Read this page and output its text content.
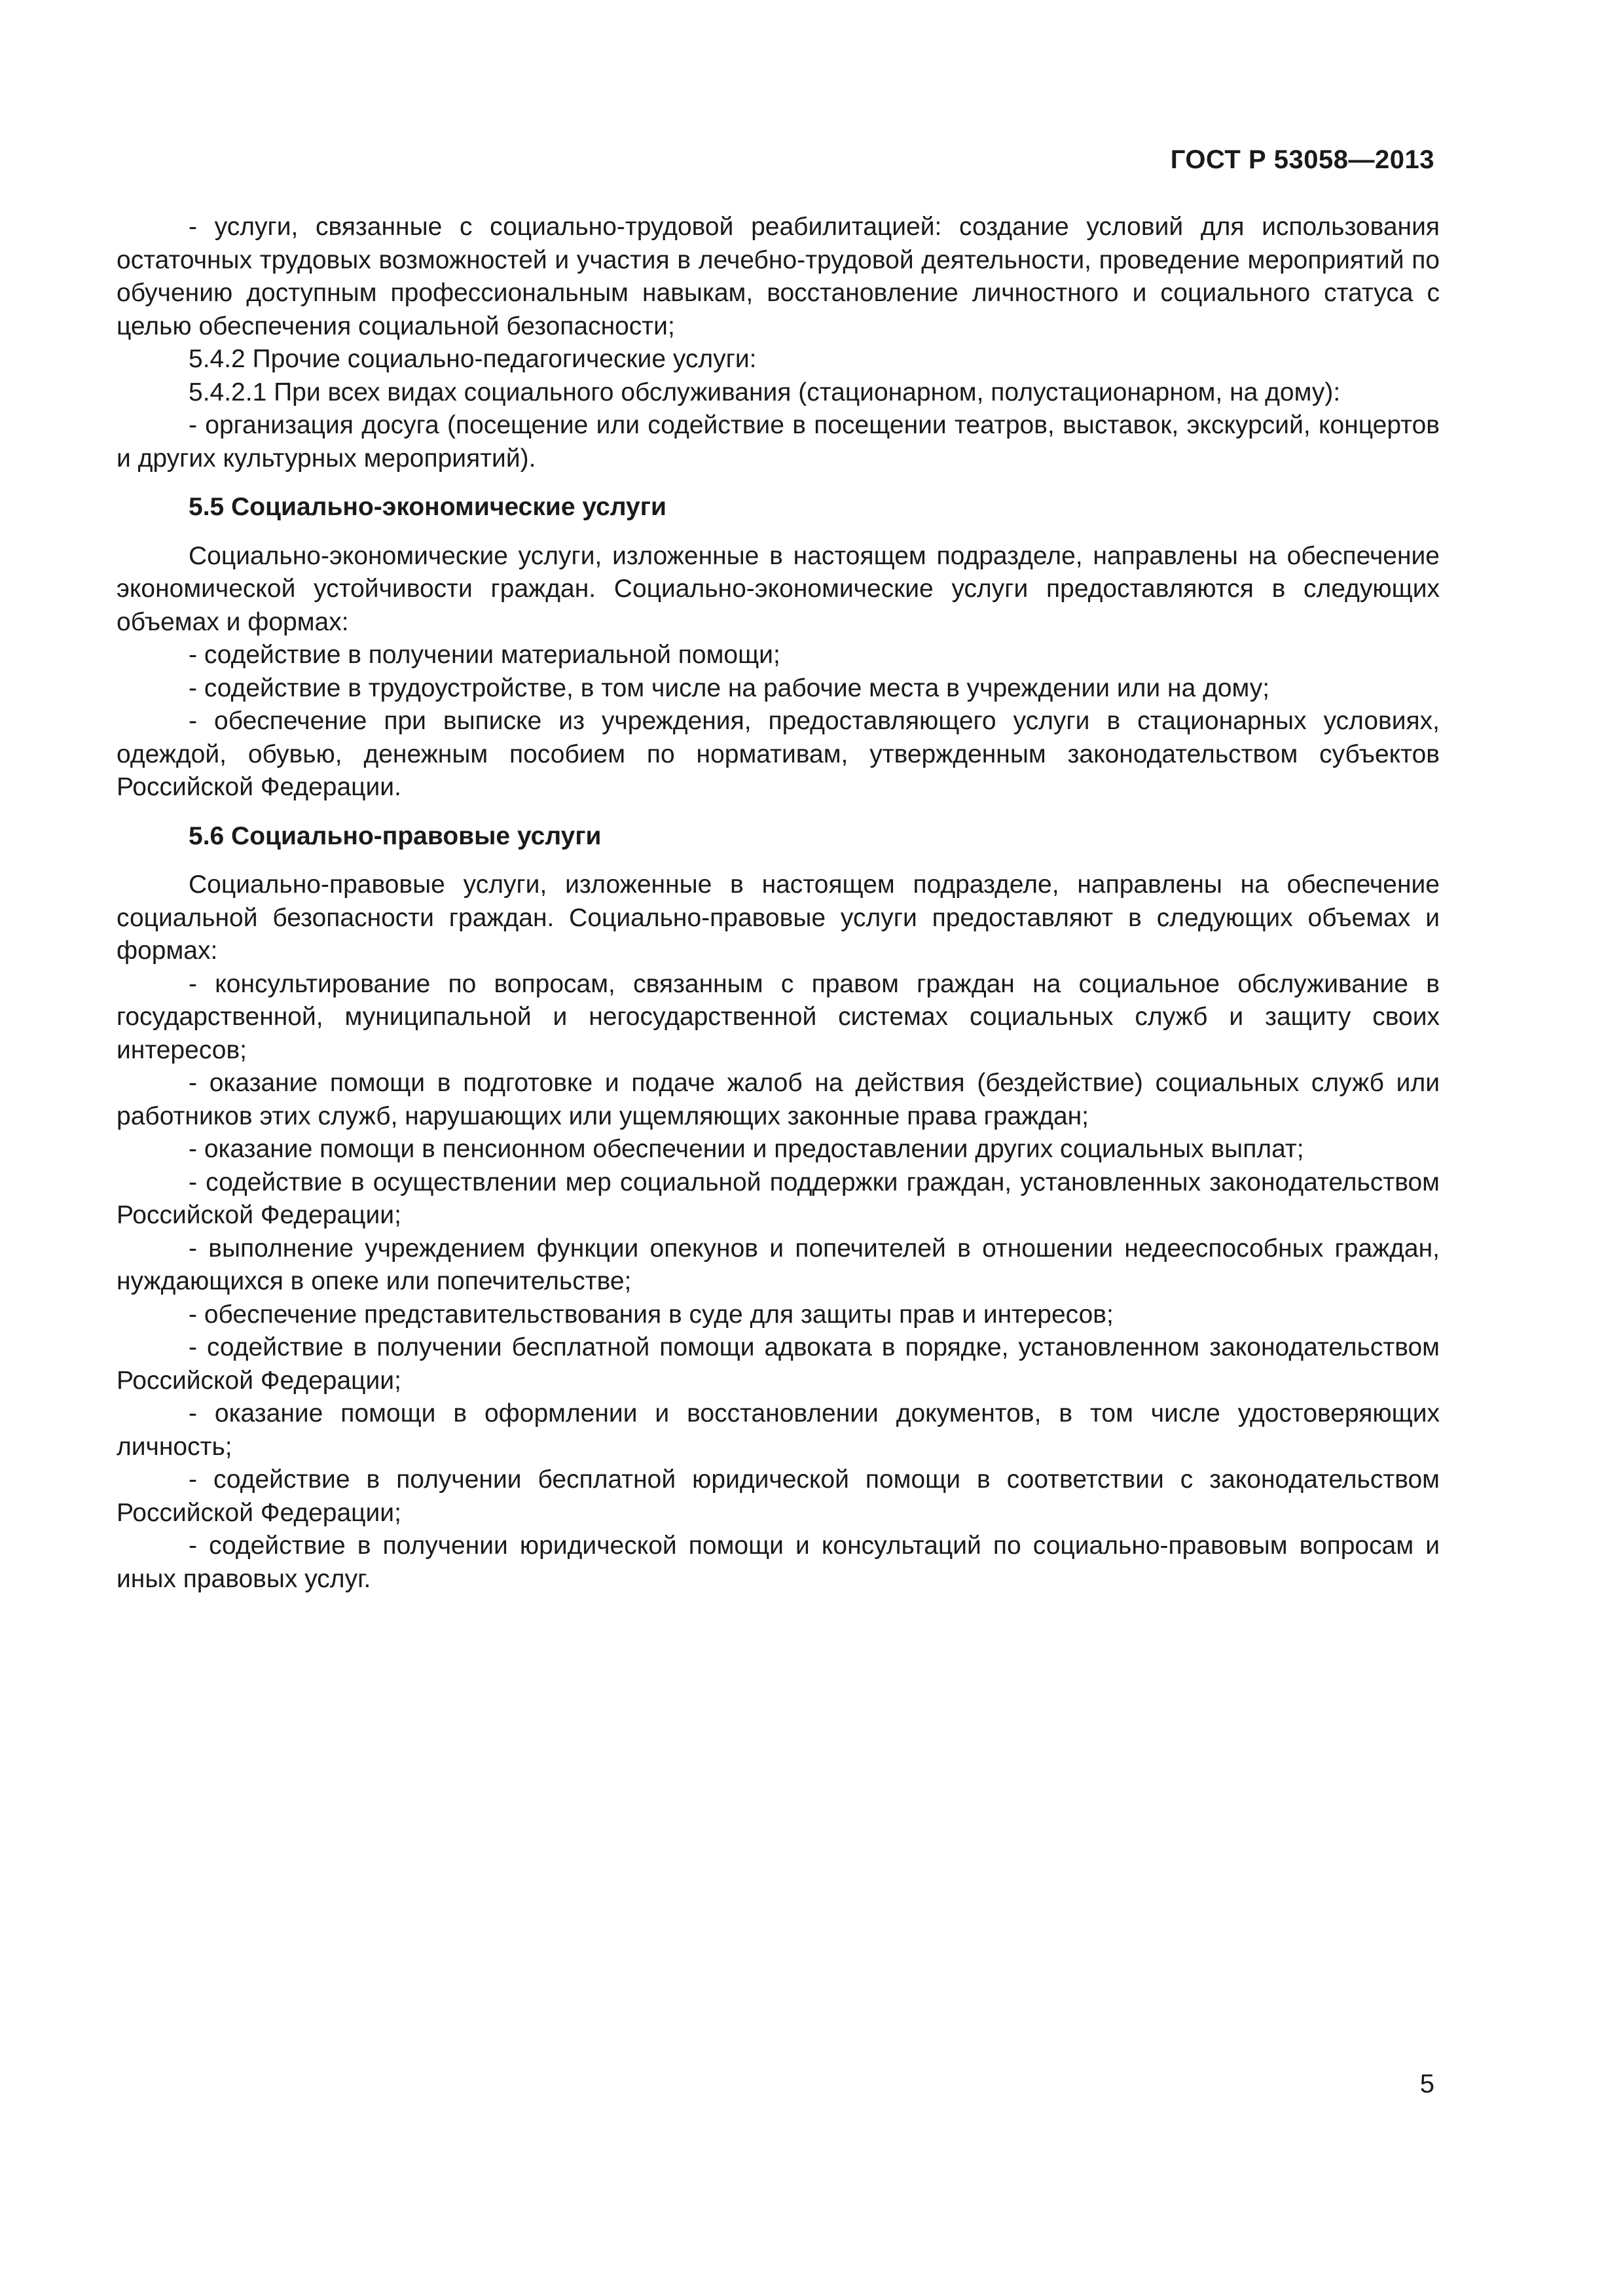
ГОСТ Р 53058—2013

- услуги, связанные с социально-трудовой реабилитацией: создание условий для использования остаточных трудовых возможностей и участия в лечебно-трудовой деятельности, проведение мероприятий по обучению доступным профессиональным навыкам, восстановление личностного и социального статуса с целью обеспечения социальной безопасности;

5.4.2 Прочие социально-педагогические услуги:

5.4.2.1 При всех видах социального обслуживания (стационарном, полустационарном, на дому):

- организация досуга (посещение или содействие в посещении театров, выставок, экскурсий, концертов и других культурных мероприятий).

5.5 Социально-экономические услуги

Социально-экономические услуги, изложенные в настоящем подразделе, направлены на обеспечение экономической устойчивости граждан. Социально-экономические услуги предоставляются в следующих объемах и формах:

- содействие в получении материальной помощи;

- содействие в трудоустройстве, в том числе на рабочие места в учреждении или на дому;

- обеспечение при выписке из учреждения, предоставляющего услуги в стационарных условиях, одеждой, обувью, денежным пособием по нормативам, утвержденным законодательством субъектов Российской Федерации.

5.6 Социально-правовые услуги

Социально-правовые услуги, изложенные в настоящем подразделе, направлены на обеспечение социальной безопасности граждан. Социально-правовые услуги предоставляют в следующих объемах и формах:

- консультирование по вопросам, связанным с правом граждан на социальное обслуживание в государственной, муниципальной и негосударственной системах социальных служб и защиту своих интересов;

- оказание помощи в подготовке и подаче жалоб на действия (бездействие) социальных служб или работников этих служб, нарушающих или ущемляющих законные права граждан;

- оказание помощи в пенсионном обеспечении и предоставлении других социальных выплат;

- содействие в осуществлении мер социальной поддержки граждан, установленных законодательством Российской Федерации;

- выполнение учреждением функции опекунов и попечителей в отношении недееспособных граждан, нуждающихся в опеке или попечительстве;

- обеспечение представительствования в суде для защиты прав и интересов;

- содействие в получении бесплатной помощи адвоката в порядке, установленном законодательством Российской Федерации;

- оказание помощи в оформлении и восстановлении документов, в том числе удостоверяющих личность;

- содействие в получении бесплатной юридической помощи в соответствии с законодательством Российской Федерации;

- содействие в получении юридической помощи и консультаций по социально-правовым вопросам и иных правовых услуг.

5
